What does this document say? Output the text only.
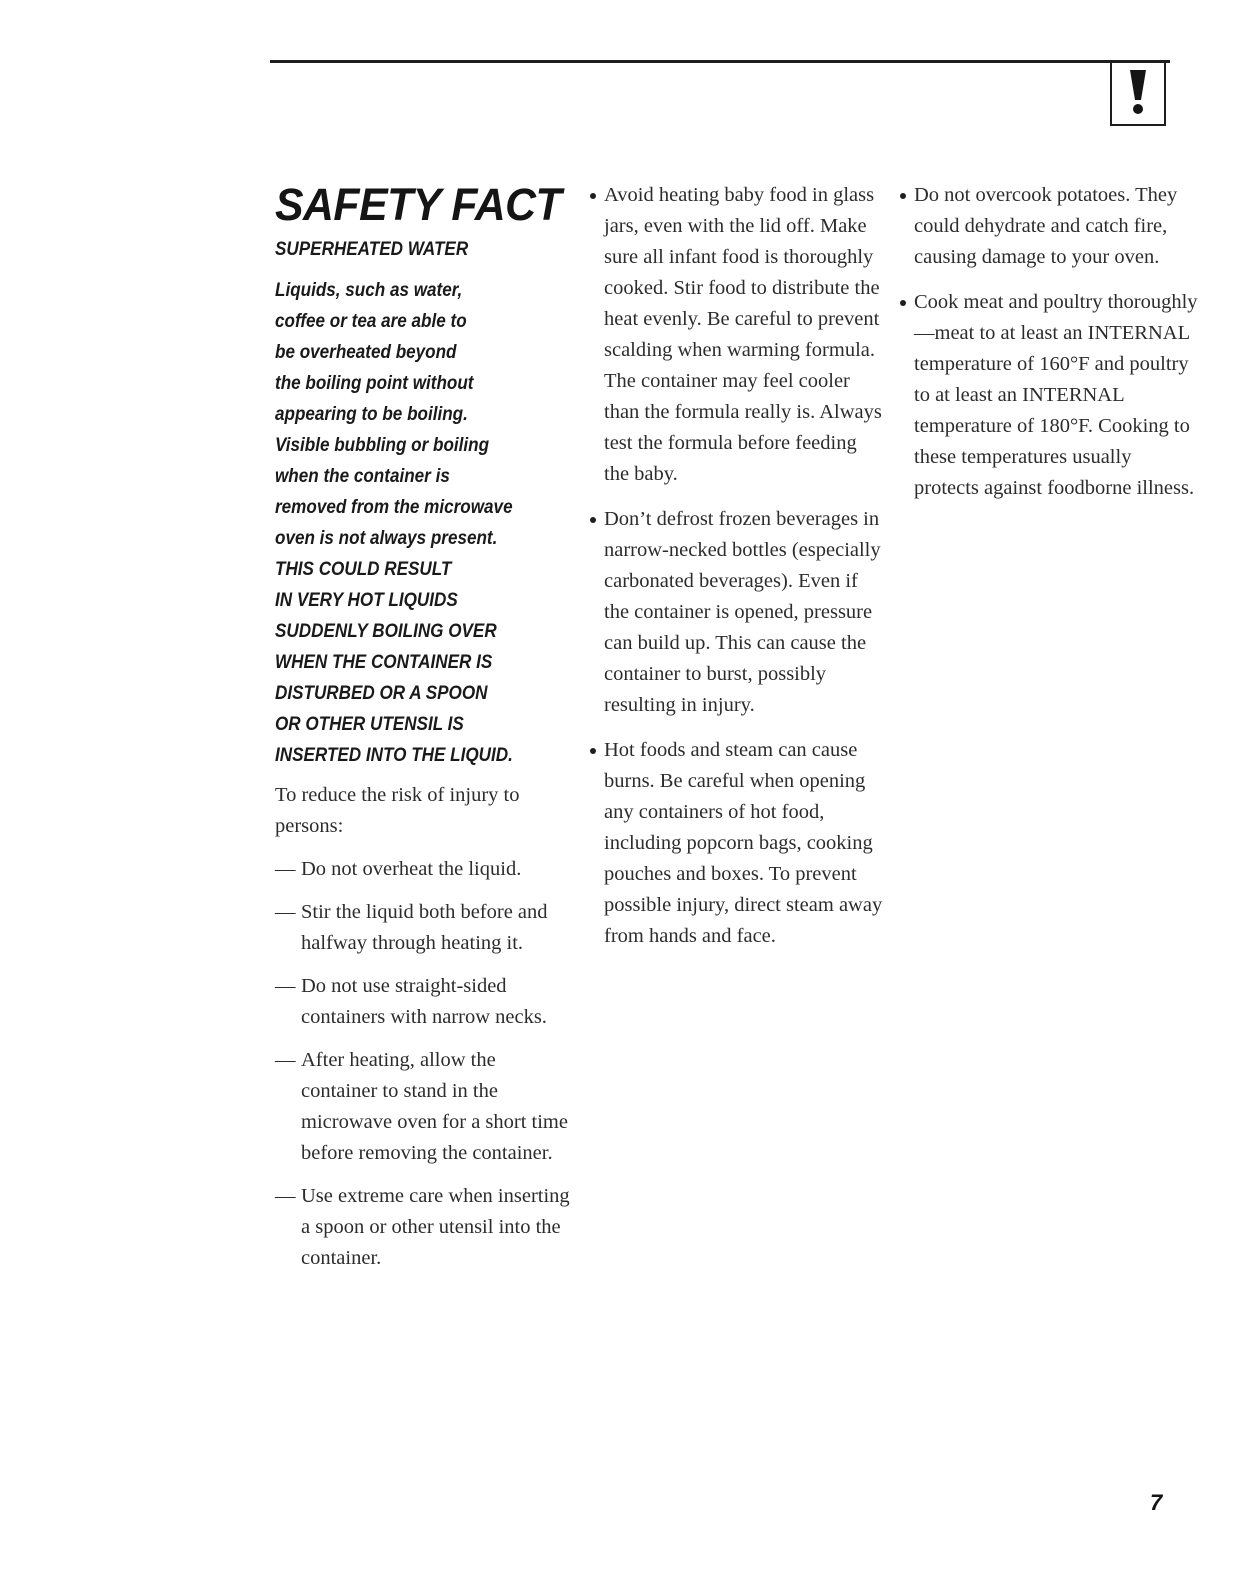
SAFETY FACT
SUPERHEATED WATER
Liquids, such as water,
coffee or tea are able to
be overheated beyond
the boiling point without
appearing to be boiling.
Visible bubbling or boiling
when the container is
removed from the microwave
oven is not always present.
THIS COULD RESULT
IN VERY HOT LIQUIDS
SUDDENLY BOILING OVER
WHEN THE CONTAINER IS
DISTURBED OR A SPOON
OR OTHER UTENSIL IS
INSERTED INTO THE LIQUID.

To reduce the risk of injury to persons:

— Do not overheat the liquid.
— Stir the liquid both before and halfway through heating it.
— Do not use straight-sided containers with narrow necks.
— After heating, allow the container to stand in the microwave oven for a short time before removing the container.
— Use extreme care when inserting a spoon or other utensil into the container.
Avoid heating baby food in glass jars, even with the lid off. Make sure all infant food is thoroughly cooked. Stir food to distribute the heat evenly. Be careful to prevent scalding when warming formula. The container may feel cooler than the formula really is. Always test the formula before feeding the baby.
Don’t defrost frozen beverages in narrow-necked bottles (especially carbonated beverages). Even if the container is opened, pressure can build up. This can cause the container to burst, possibly resulting in injury.
Hot foods and steam can cause burns. Be careful when opening any containers of hot food, including popcorn bags, cooking pouches and boxes. To prevent possible injury, direct steam away from hands and face.
Do not overcook potatoes. They could dehydrate and catch fire, causing damage to your oven.
Cook meat and poultry thoroughly—meat to at least an INTERNAL temperature of 160°F and poultry to at least an INTERNAL temperature of 180°F. Cooking to these temperatures usually protects against foodborne illness.
7
